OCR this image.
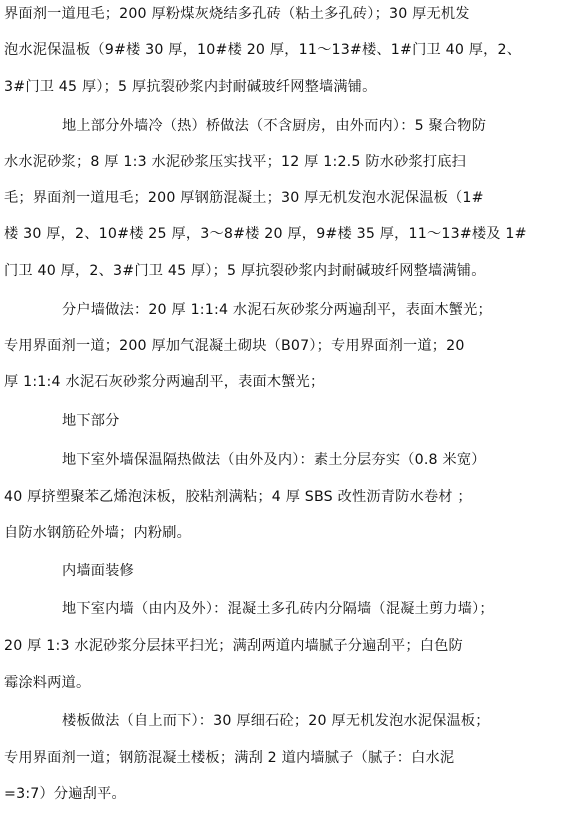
界面剂一道甩毛；200 厚粉煤灰烧结多孔砖（粘土多孔砖）；30 厚无机发
泡水泥保温板（9#楼 30 厚，10#楼 20 厚，11～13#楼、1#门卫 40 厚，2、
3#门卫 45 厚）；5 厚抗裂砂浆内封耐碱玻纤网整墙满铺。
地上部分外墙冷（热）桥做法（不含厨房，由外而内）：5 聚合物防
水水泥砂浆；8 厚 1:3 水泥砂浆压实找平；12 厚 1:2.5 防水砂浆打底扫
毛；界面剂一道甩毛；200 厚钢筋混凝土；30 厚无机发泡水泥保温板（1#
楼 30 厚，2、10#楼 25 厚，3～8#楼 20 厚，9#楼 35 厚，11～13#楼及 1#
门卫 40 厚，2、3#门卫 45 厚）；5 厚抗裂砂浆内封耐碱玻纤网整墙满铺。
分户墙做法：20 厚 1:1:4 水泥石灰砂浆分两遍刮平，表面木蟹光；
专用界面剂一道；200 厚加气混凝土砌块（B07）；专用界面剂一道；20
厚 1:1:4 水泥石灰砂浆分两遍刮平，表面木蟹光；
地下部分
地下室外墙保温隔热做法（由外及内）：素土分层夯实（0.8 米宽）
40 厚挤塑聚苯乙烯泡沫板，胶粘剂满粘；4 厚 SBS 改性沥青防水卷材 ；
自防水钢筋砼外墙；内粉刷。
内墙面装修
地下室内墙（由内及外）：混凝土多孔砖内分隔墙（混凝土剪力墙）；
20 厚 1:3 水泥砂浆分层抹平扫光；满刮两道内墙腻子分遍刮平；白色防
霉涂料两道。
楼板做法（自上而下）：30 厚细石砼；20 厚无机发泡水泥保温板；
专用界面剂一道；钢筋混凝土楼板；满刮 2 道内墙腻子（腻子：白水泥
=3:7）分遍刮平。
